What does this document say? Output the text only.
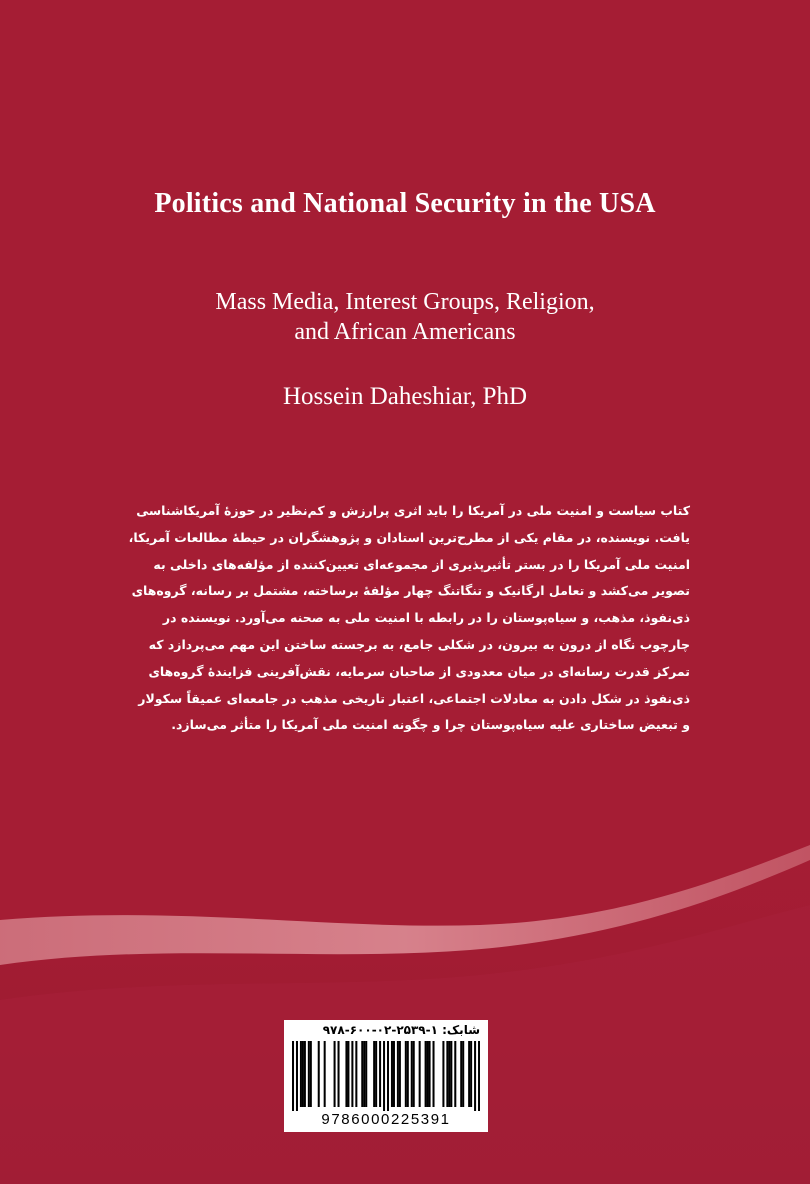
Politics and National Security in the USA
Mass Media, Interest Groups, Religion,
and African Americans
Hossein Daheshiar, PhD

کتاب سیاست و امنیت ملی در آمریکا را باید اثری پرارزش و کم‌نظیر در حوزهٔ آمریکاشناسی

یافت. نویسنده، در مقام یکی از مطرح‌ترین استادان و پژوهشگران در حیطهٔ مطالعات آمریکا،

امنیت ملی آمریکا را در بستر تأثیرپذیری از مجموعه‌ای تعیین‌کننده از مؤلفه‌های داخلی به

تصویر می‌کشد و تعامل ارگانیک و تنگاتنگ چهار مؤلفهٔ برساخته، مشتمل بر رسانه، گروه‌های

ذی‌نفوذ، مذهب، و سیاه‌پوستان را در رابطه با امنیت ملی به صحنه می‌آورد. نویسنده در

چارچوب نگاه از درون به بیرون، در شکلی جامع، به برجسته ساختن این مهم می‌پردازد که

تمرکز قدرت رسانه‌ای در میان معدودی از صاحبان سرمایه، نقش‌آفرینی فزایندهٔ گروه‌های

ذی‌نفوذ در شکل دادن به معادلات اجتماعی، اعتبار تاریخی مذهب در جامعه‌ای عمیقاً سکولار

و تبعیض ساختاری علیه سیاه‌پوستان چرا و چگونه امنیت ملی آمریکا را متأثر می‌سازد.

شابک: ۱-۲۵۳۹-۰۲-۶۰۰-۹۷۸
9786000225391
